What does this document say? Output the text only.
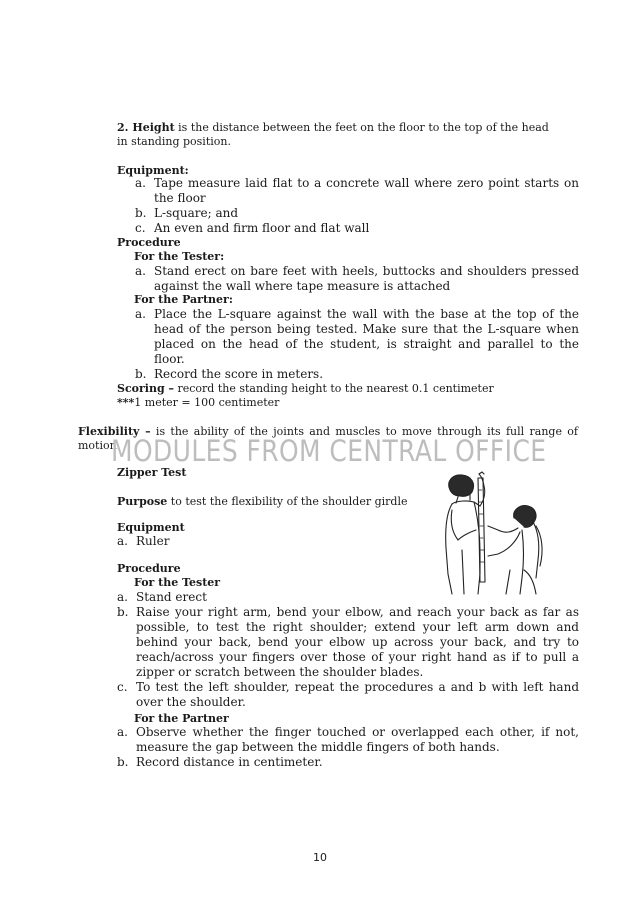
2. Height is the distance between the feet on the floor to the top of the head
in standing position.
Equipment:
a. Tape measure laid flat to a concrete wall where zero point starts on
the floor
b. L-square; and
c. An even and firm floor and flat wall
Procedure
For the Tester:
a. Stand erect on bare feet with heels, buttocks and shoulders pressed
against the wall where tape measure is attached
For the Partner:
a. Place the L-square against the wall with the base at the top of the
head of the person being tested. Make sure that the L-square when
placed on the head of the student, is straight and parallel to the
floor.
b. Record the score in meters.
Scoring – record the standing height to the nearest 0.1 centimeter
***1 meter = 100 centimeter
Flexibility – is the ability of the joints and muscles to move through its full range of
motion.
MODULES FROM CENTRAL OFFICE
Zipper Test
Purpose to test the flexibility of the shoulder girdle
Equipment
a. Ruler
Procedure
For the Tester
a. Stand erect
b. Raise your right arm, bend your elbow, and reach your back as far as
possible, to test the right shoulder; extend your left arm down and
behind your back, bend your elbow up across your back, and try to
reach/across your fingers over those of your right hand as if to pull a
zipper or scratch between the shoulder blades.
c. To test the left shoulder, repeat the procedures a and b with left hand
over the shoulder.
For the Partner
a. Observe whether the finger touched or overlapped each other, if not,
measure the gap between the middle fingers of both hands.
b. Record distance in centimeter.
10
